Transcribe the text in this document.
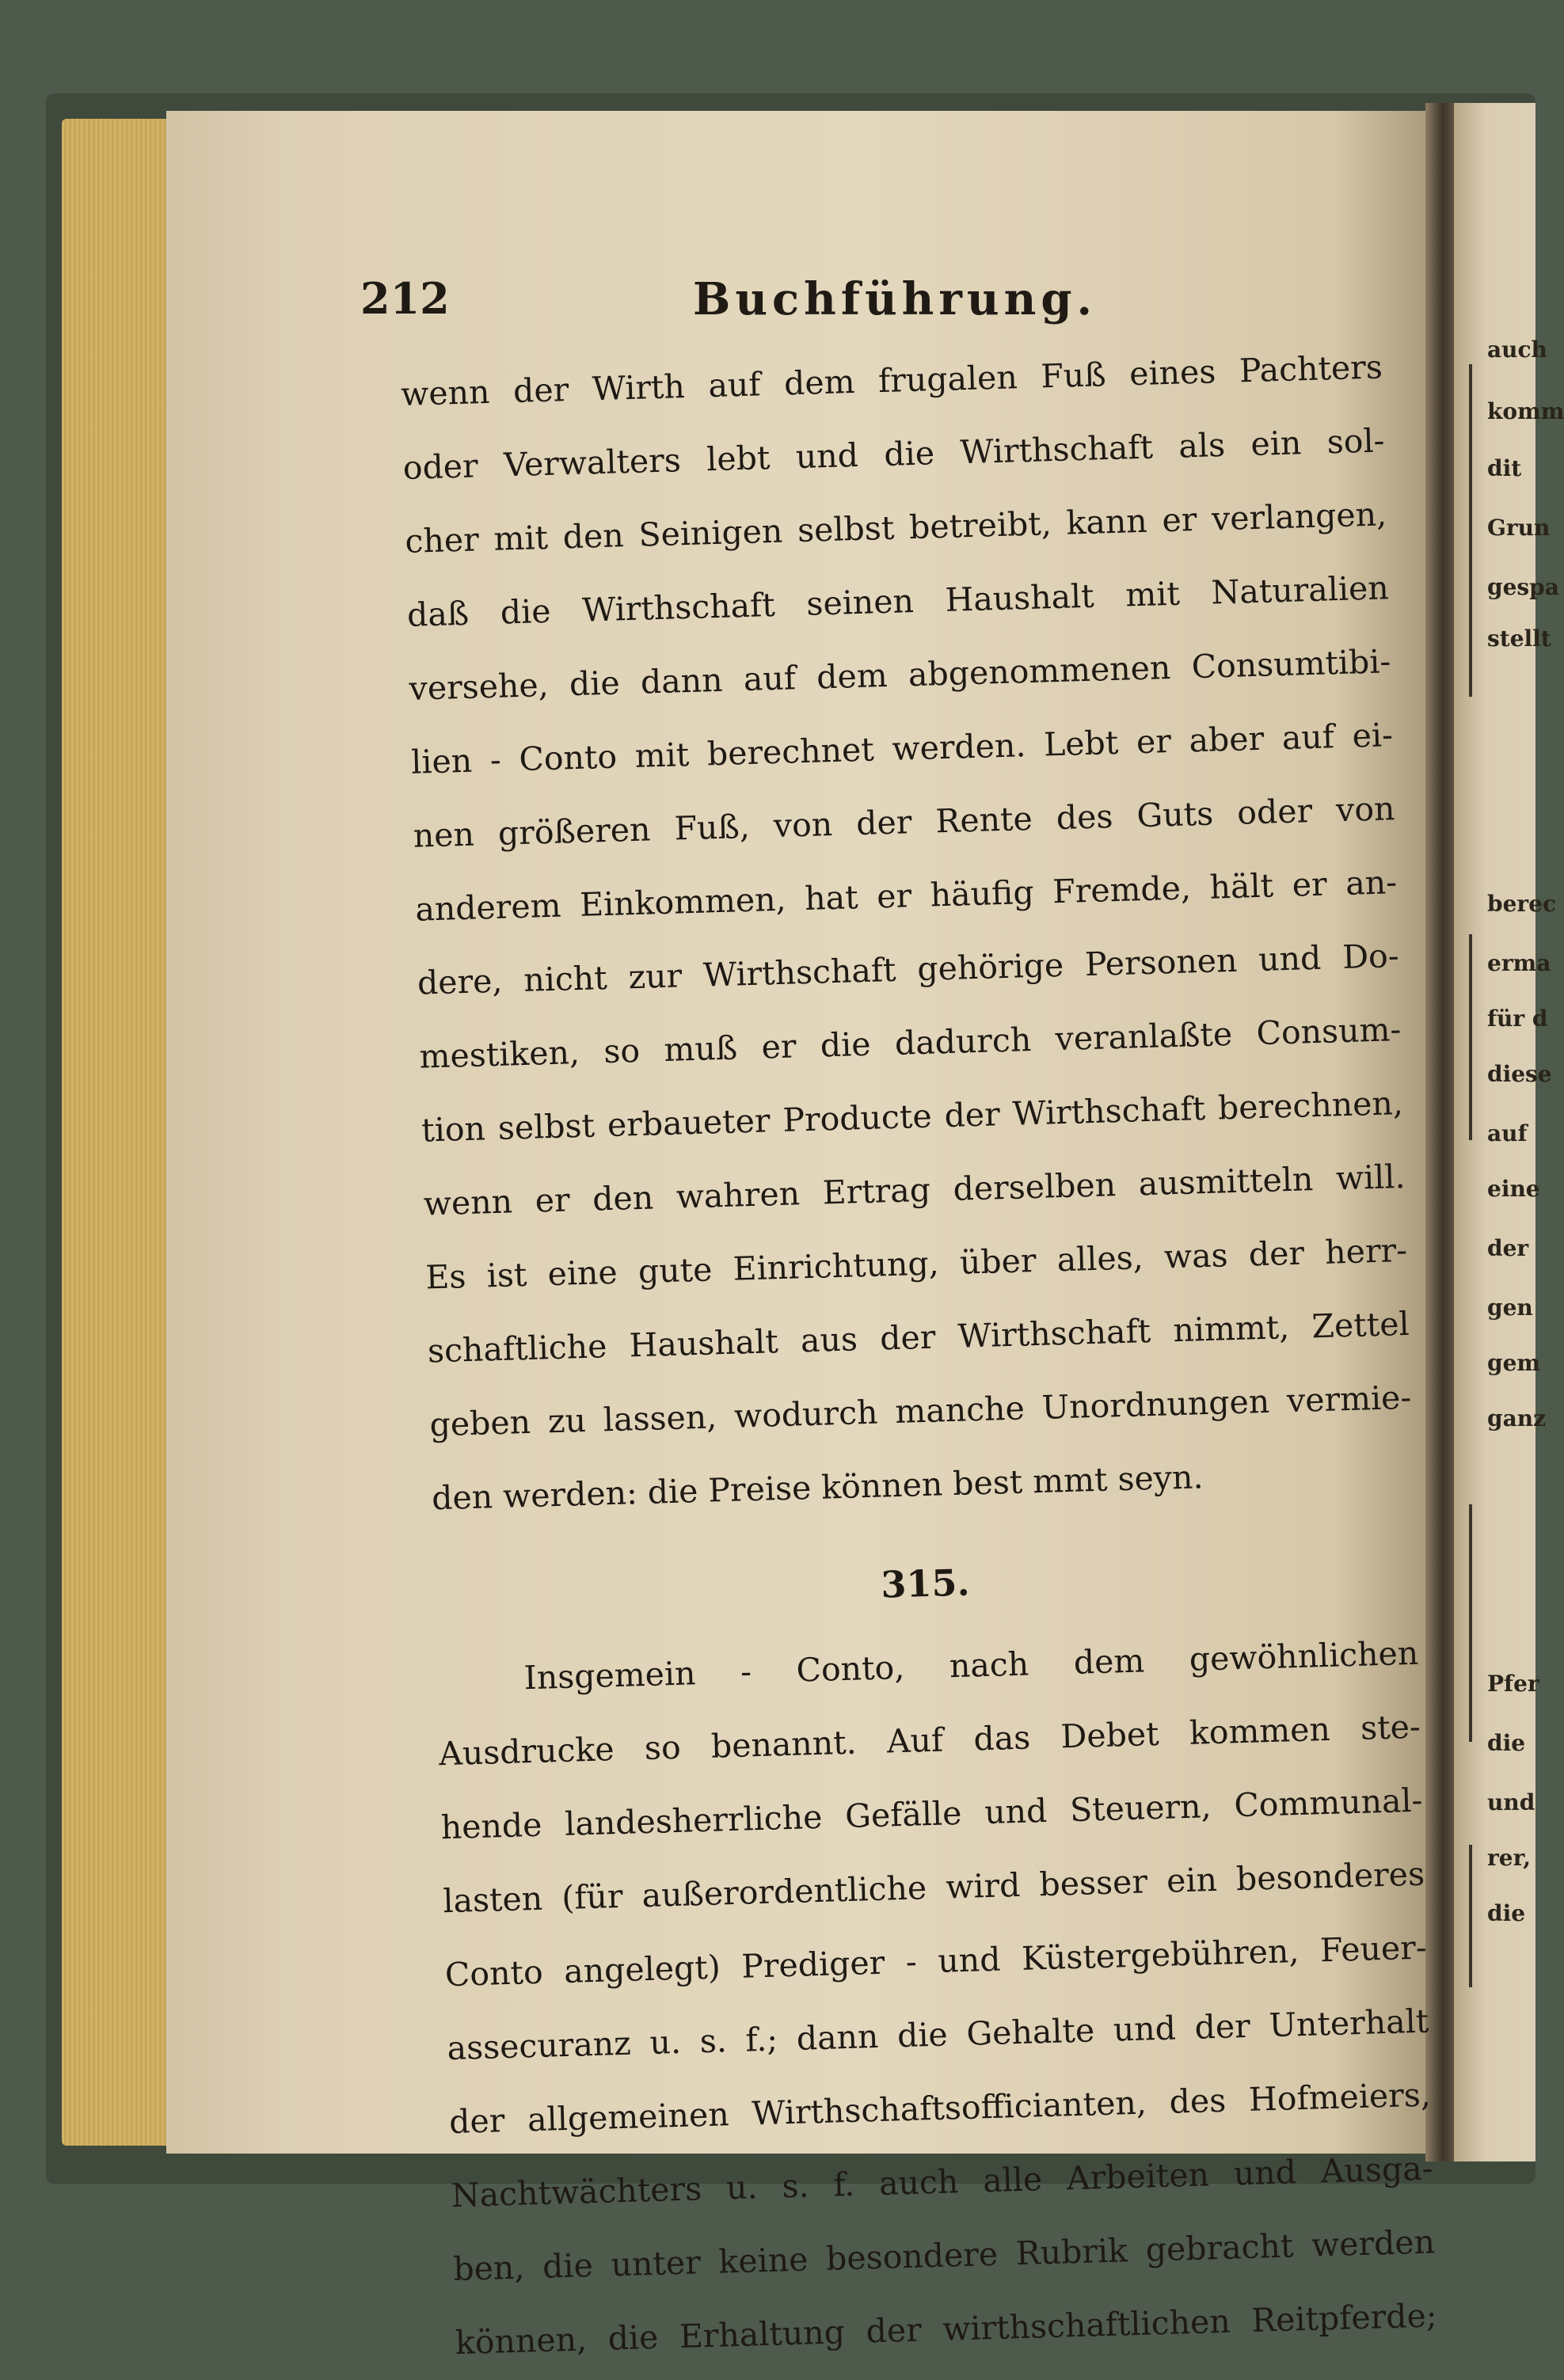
212	Buchführung.
wenn der Wirth auf dem frugalen Fuß eines Pachters
oder Verwalters lebt und die Wirthschaft als ein sol-
cher mit den Seinigen selbst betreibt, kann er verlangen,
daß die Wirthschaft seinen Haushalt mit Naturalien
versehe, die dann auf dem abgenommenen Consumtibi-
lien - Conto mit berechnet werden. Lebt er aber auf ei-
nen größeren Fuß, von der Rente des Guts oder von
anderem Einkommen, hat er häufig Fremde, hält er an-
dere, nicht zur Wirthschaft gehörige Personen und Do-
mestiken, so muß er die dadurch veranlaßte Consum-
tion selbst erbaueter Producte der Wirthschaft berechnen,
wenn er den wahren Ertrag derselben ausmitteln will.
Es ist eine gute Einrichtung, über alles, was der herr-
schaftliche Haushalt aus der Wirthschaft nimmt, Zettel
geben zu lassen, wodurch manche Unordnungen vermie-
den werden: die Preise können best mmt seyn.
315.
Insgemein - Conto, nach dem gewöhnlichen
Ausdrucke so benannt. Auf das Debet kommen ste-
hende landesherrliche Gefälle und Steuern, Communal-
lasten (für außerordentliche wird besser ein besonderes
Conto angelegt) Prediger - und Küstergebühren, Feuer-
assecuranz u. s. f.; dann die Gehalte und der Unterhalt
der allgemeinen Wirthschaftsofficianten, des Hofmeiers,
Nachtwächters u. s. f. auch alle Arbeiten und Ausga-
ben, die unter keine besondere Rubrik gebracht werden
können, die Erhaltung der wirthschaftlichen Reitpferde;
auch
komm
dit
Grun
gespa
stellt
berec
erma
für d
diese
auf
eine
der
gen
gem
ganz
Pfer
die
und
rer,
die
